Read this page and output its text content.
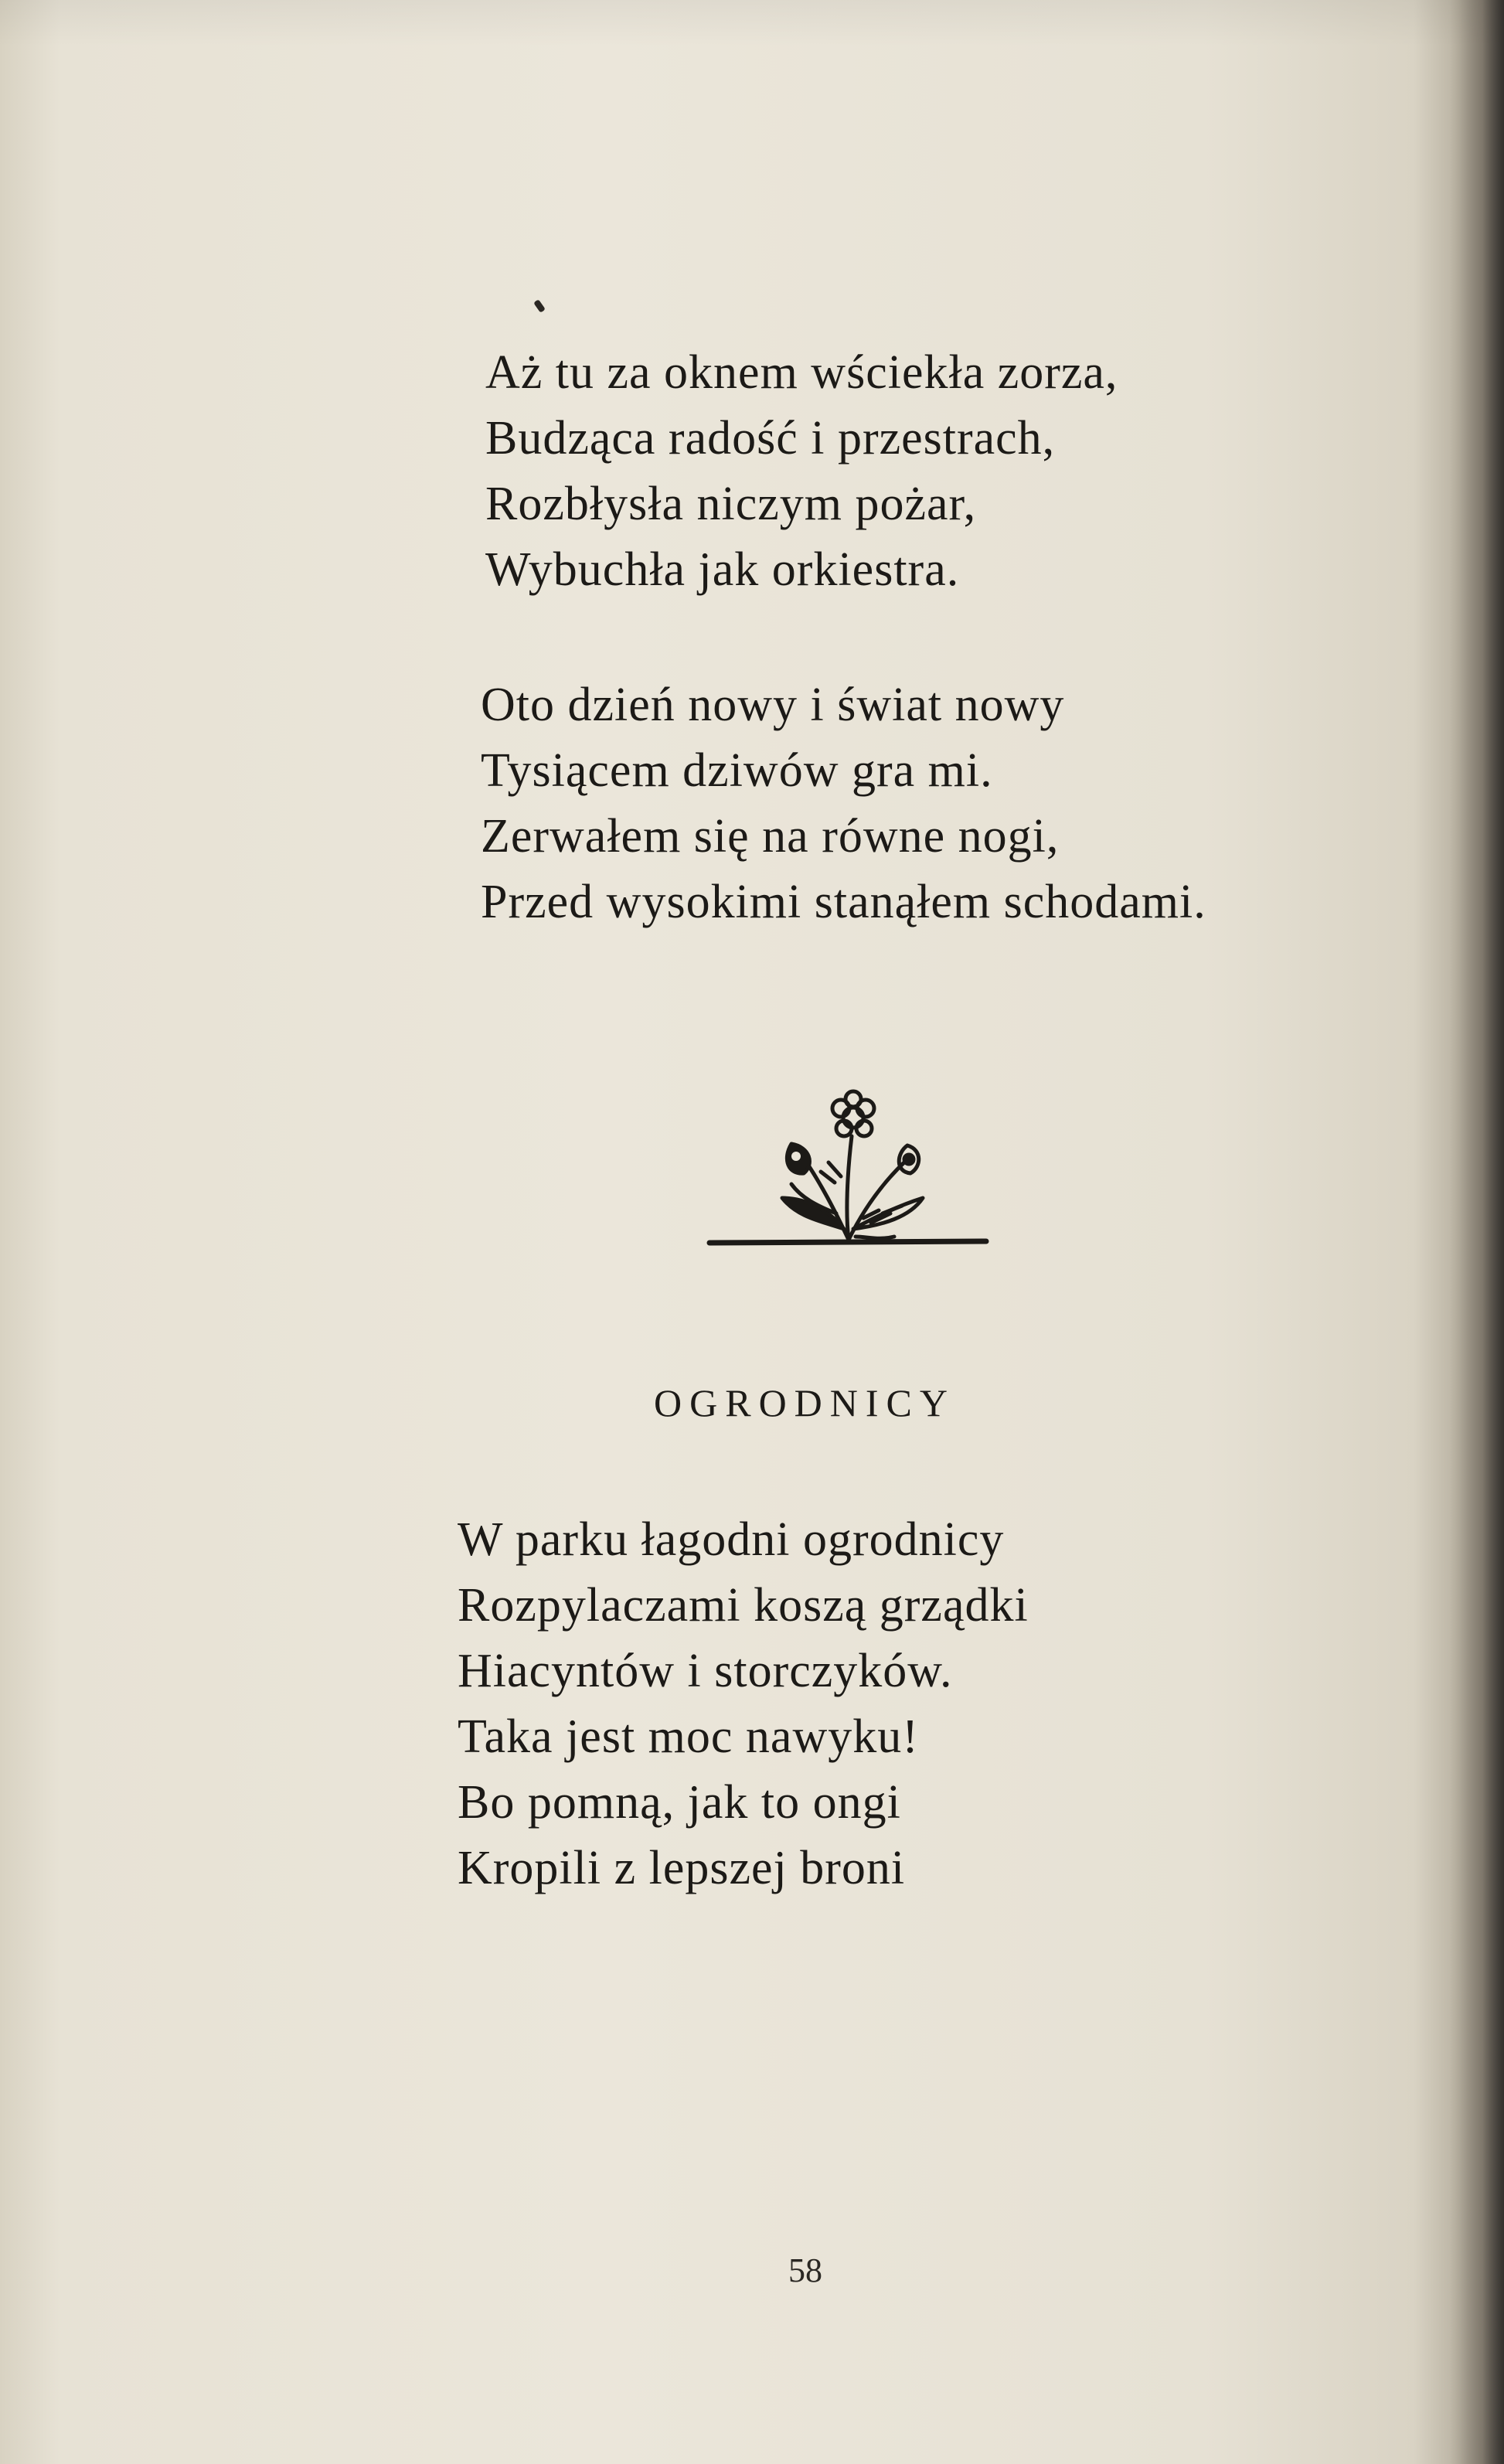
Aż tu za oknem wściekła zorza,
Budząca radość i przestrach,
Rozbłysła niczym pożar,
Wybuchła jak orkiestra.
Oto dzień nowy i świat nowy
Tysiącem dziwów gra mi.
Zerwałem się na równe nogi,
Przed wysokimi stanąłem schodami.
OGRODNICY
W parku łagodni ogrodnicy
Rozpylaczami koszą grządki
Hiacyntów i storczyków.
Taka jest moc nawyku!
Bo pomną, jak to ongi
Kropili z lepszej broni
58
